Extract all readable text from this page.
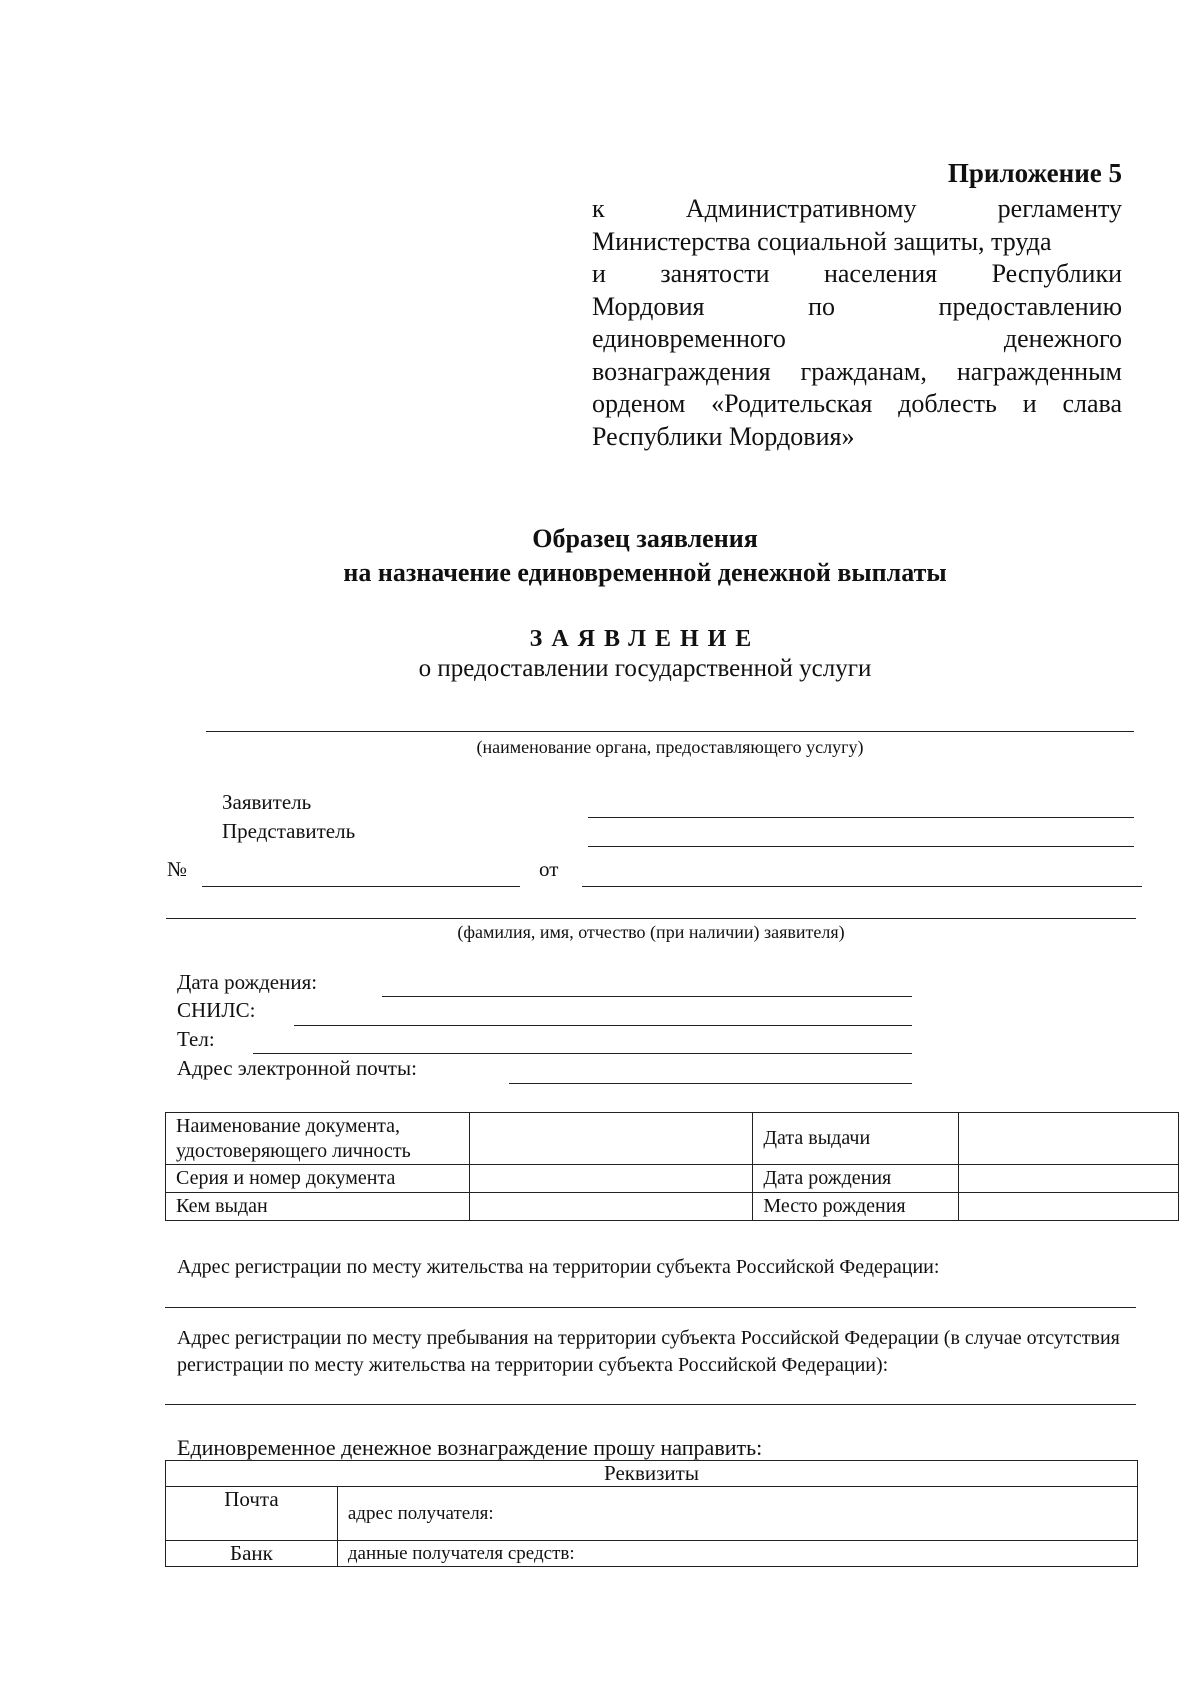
Приложение 5
к Административному регламенту
Министерства социальной защиты, труда
и занятости населения Республики
Мордовия по предоставлению
единовременного денежного
вознаграждения гражданам, награжденным
орденом «Родительская доблесть и слава
Республики Мордовия»
Образец заявления
на назначение единовременной денежной выплаты
ЗАЯВЛЕНИЕ
о предоставлении государственной услуги
(наименование органа, предоставляющего услугу)
Заявитель
Представитель
№	от
(фамилия, имя, отчество (при наличии) заявителя)
Дата рождения:
СНИЛС:
Тел:
Адрес электронной почты:
Наименование документа, удостоверяющего личность		Дата выдачи	
Серия и номер документа		Дата рождения	
Кем выдан		Место рождения	
Адрес регистрации по месту жительства на территории субъекта Российской Федерации:
Адрес регистрации по месту пребывания на территории субъекта Российской Федерации (в случае отсутствия регистрации по месту жительства на территории субъекта Российской Федерации):
Единовременное денежное вознаграждение прошу направить:
Реквизиты	
Почта	адрес получателя:
Банк	данные получателя средств:
